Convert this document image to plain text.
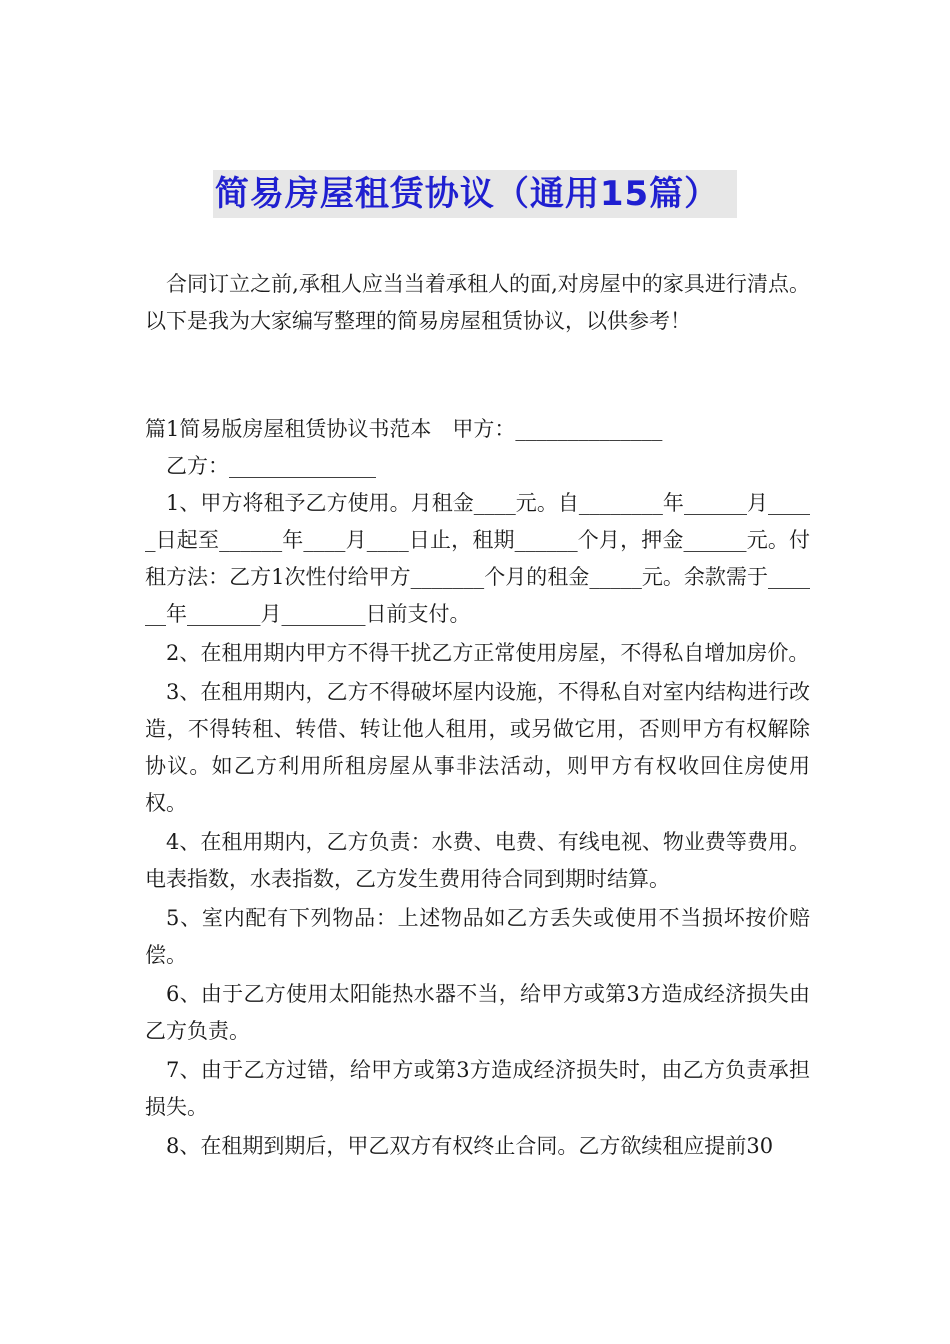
简易房屋租赁协议（通用15篇）

合同订立之前,承租人应当当着承租人的面,对房屋中的家具进行清点。以下是我为大家编写整理的简易房屋租赁协议，以供参考！

篇1简易版房屋租赁协议书范本　甲方：______________

乙方：______________

1、甲方将租予乙方使用。月租金____元。自________年______月_____日起至______年____月____日止，租期______个月，押金______元。付租方法：乙方1次性付给甲方_______个月的租金_____元。余款需于______年_______月________日前支付。

2、在租用期内甲方不得干扰乙方正常使用房屋，不得私自增加房价。

3、在租用期内，乙方不得破坏屋内设施，不得私自对室内结构进行改造，不得转租、转借、转让他人租用，或另做它用，否则甲方有权解除协议。如乙方利用所租房屋从事非法活动，则甲方有权收回住房使用权。

4、在租用期内，乙方负责：水费、电费、有线电视、物业费等费用。电表指数，水表指数，乙方发生费用待合同到期时结算。

5、室内配有下列物品：上述物品如乙方丢失或使用不当损坏按价赔偿。

6、由于乙方使用太阳能热水器不当，给甲方或第3方造成经济损失由乙方负责。

7、由于乙方过错，给甲方或第3方造成经济损失时，由乙方负责承担损失。

8、在租期到期后，甲乙双方有权终止合同。乙方欲续租应提前30
